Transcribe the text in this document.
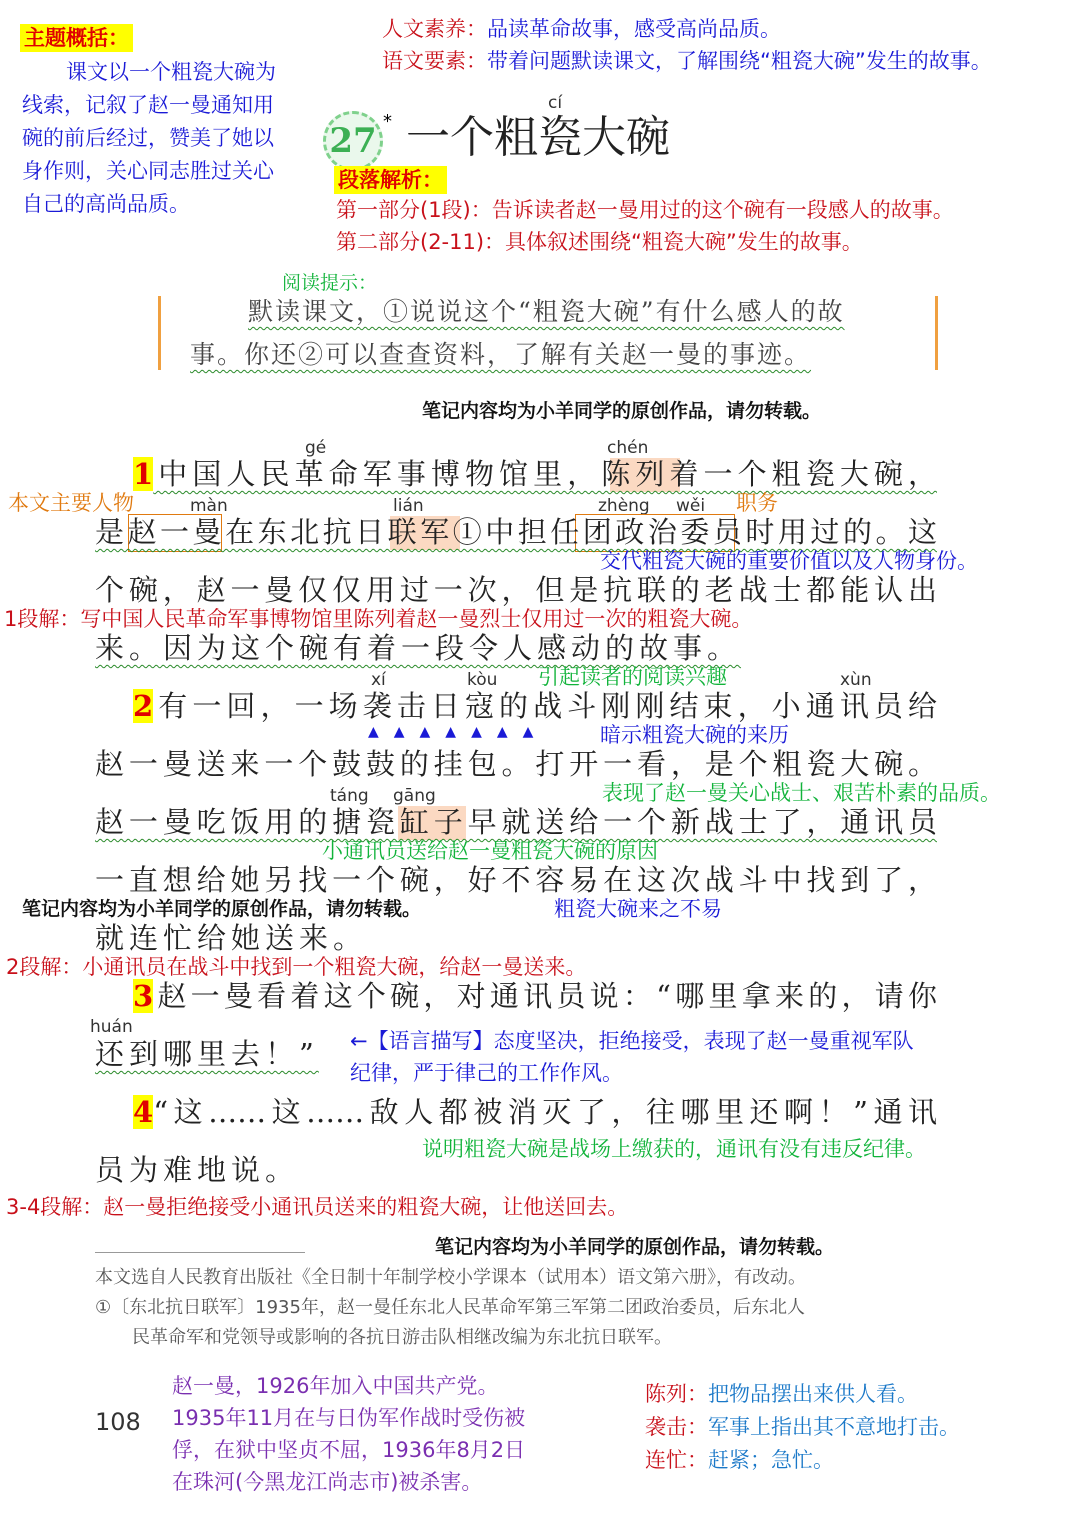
主题概括：
课文以一个粗瓷大碗为
线索，记叙了赵一曼通知用
碗的前后经过，赞美了她以
身作则，关心同志胜过关心
自己的高尚品质。
人文素养：品读革命故事，感受高尚品质。
语文要素：带着问题默读课文，了解围绕“粗瓷大碗”发生的故事。
27 *
cí
一个粗瓷大碗
段落解析：
第一部分(1段)：告诉读者赵一曼用过的这个碗有一段感人的故事。
第二部分(2-11)：具体叙述围绕“粗瓷大碗”发生的故事。
阅读提示：
默读课文，①说说这个“粗瓷大碗”有什么感人的故
事。你还②可以查查资料，了解有关赵一曼的事迹。
笔记内容均为小羊同学的原创作品，请勿转载。
gé	chén
màn	lián	zhèng wěi
xí	kòu	xùn
táng gāng
huán
1中国人民革命军事博物馆里，陈列着一个粗瓷大碗，
是赵一曼在东北抗日联军①中担任团政治委员时用过的。这
个碗，赵一曼仅仅用过一次，但是抗联的老战士都能认出
来。因为这个碗有着一段令人感动的故事。
2有一回，一场袭击日寇的战斗刚刚结束，小通讯员给
▲▲▲▲▲▲▲
赵一曼送来一个鼓鼓的挂包。打开一看，是个粗瓷大碗。
赵一曼吃饭用的搪瓷缸子早就送给一个新战士了，通讯员
一直想给她另找一个碗，好不容易在这次战斗中找到了，
就连忙给她送来。
3赵一曼看着这个碗，对通讯员说：“哪里拿来的，请你
还到哪里去！”
4“这……这……敌人都被消灭了，往哪里还啊！”通讯
员为难地说。
本文主要人物	职务
交代粗瓷大碗的重要价值以及人物身份。
1段解：写中国人民革命军事博物馆里陈列着赵一曼烈士仅用过一次的粗瓷大碗。
引起读者的阅读兴趣
暗示粗瓷大碗的来历
表现了赵一曼关心战士、艰苦朴素的品质。
小通讯员送给赵一曼粗瓷大碗的原因
笔记内容均为小羊同学的原创作品，请勿转载。	粗瓷大碗来之不易
2段解：小通讯员在战斗中找到一个粗瓷大碗，给赵一曼送来。
←【语言描写】态度坚决，拒绝接受，表现了赵一曼重视军队
纪律，严于律己的工作作风。
说明粗瓷大碗是战场上缴获的，通讯有没有违反纪律。
3-4段解：赵一曼拒绝接受小通讯员送来的粗瓷大碗，让他送回去。
笔记内容均为小羊同学的原创作品，请勿转载。
本文选自人民教育出版社《全日制十年制学校小学课本（试用本）语文第六册》，有改动。
①〔东北抗日联军〕1935年，赵一曼任东北人民革命军第三军第二团政治委员，后东北人
民革命军和党领导或影响的各抗日游击队相继改编为东北抗日联军。
108
赵一曼，1926年加入中国共产党。
1935年11月在与日伪军作战时受伤被
俘，在狱中坚贞不屈，1936年8月2日
在珠河(今黑龙江尚志市)被杀害。
陈列：把物品摆出来供人看。
袭击：军事上指出其不意地打击。
连忙：赶紧；急忙。
